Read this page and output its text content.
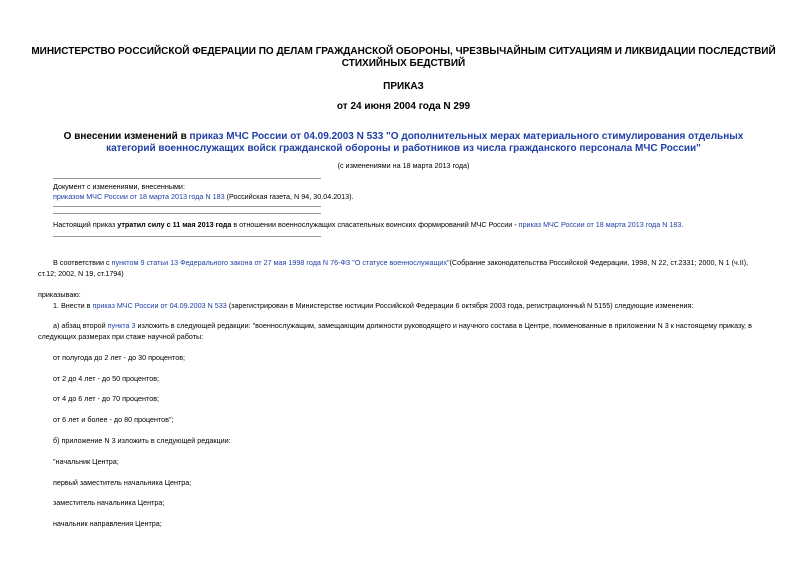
МИНИСТЕРСТВО РОССИЙСКОЙ ФЕДЕРАЦИИ ПО ДЕЛАМ ГРАЖДАНСКОЙ ОБОРОНЫ, ЧРЕЗВЫЧАЙНЫМ СИТУАЦИЯМ И ЛИКВИДАЦИИ ПОСЛЕДСТВИЙ СТИХИЙНЫХ БЕДСТВИЙ
ПРИКАЗ
от 24 июня 2004 года N 299
О внесении изменений в приказ МЧС России от 04.09.2003 N 533 "О дополнительных мерах материального стимулирования отдельных категорий военнослужащих войск гражданской обороны и работников из числа гражданского персонала МЧС России"
(с изменениями на 18 марта 2013 года)
Документ с изменениями, внесенными:
приказом МЧС России от 18 марта 2013 года N 183 (Российская газета, N 94, 30.04.2013).
Настоящий приказ утратил силу с 11 мая 2013 года в отношении военнослужащих спасательных воинских формирований МЧС России - приказ МЧС России от 18 марта 2013 года N 183.
В соответствии с пунктом 9 статьи 13 Федерального закона от 27 мая 1998 года N 76-ФЗ "О статусе военнослужащих"(Собрание законодательства Российской Федерации, 1998, N 22, ст.2331; 2000, N 1 (ч.II),
ст.12; 2002, N 19, ст.1794)
приказываю:
1. Внести в приказ МЧС России от 04.09.2003 N 533 (зарегистрирован в Министерстве юстиции Российской Федерации 6 октября 2003 года, регистрационный N 5155) следующие изменения:
а) абзац второй пункта 3 изложить в следующей редакции: "военнослужащим, замещающим должности руководящего и научного состава в Центре, поименованные в приложении N 3 к настоящему приказу, в
следующих размерах при стаже научной работы:
от полугода до 2 лет - до 30 процентов;
от 2 до 4 лет - до 50 процентов;
от 4 до 6 лет - до 70 процентов;
от 6 лет и более - до 80 процентов";
б) приложение N 3 изложить в следующей редакции:
"начальник Центра;
первый заместитель начальника Центра;
заместитель начальника Центра;
начальник направления Центра;
